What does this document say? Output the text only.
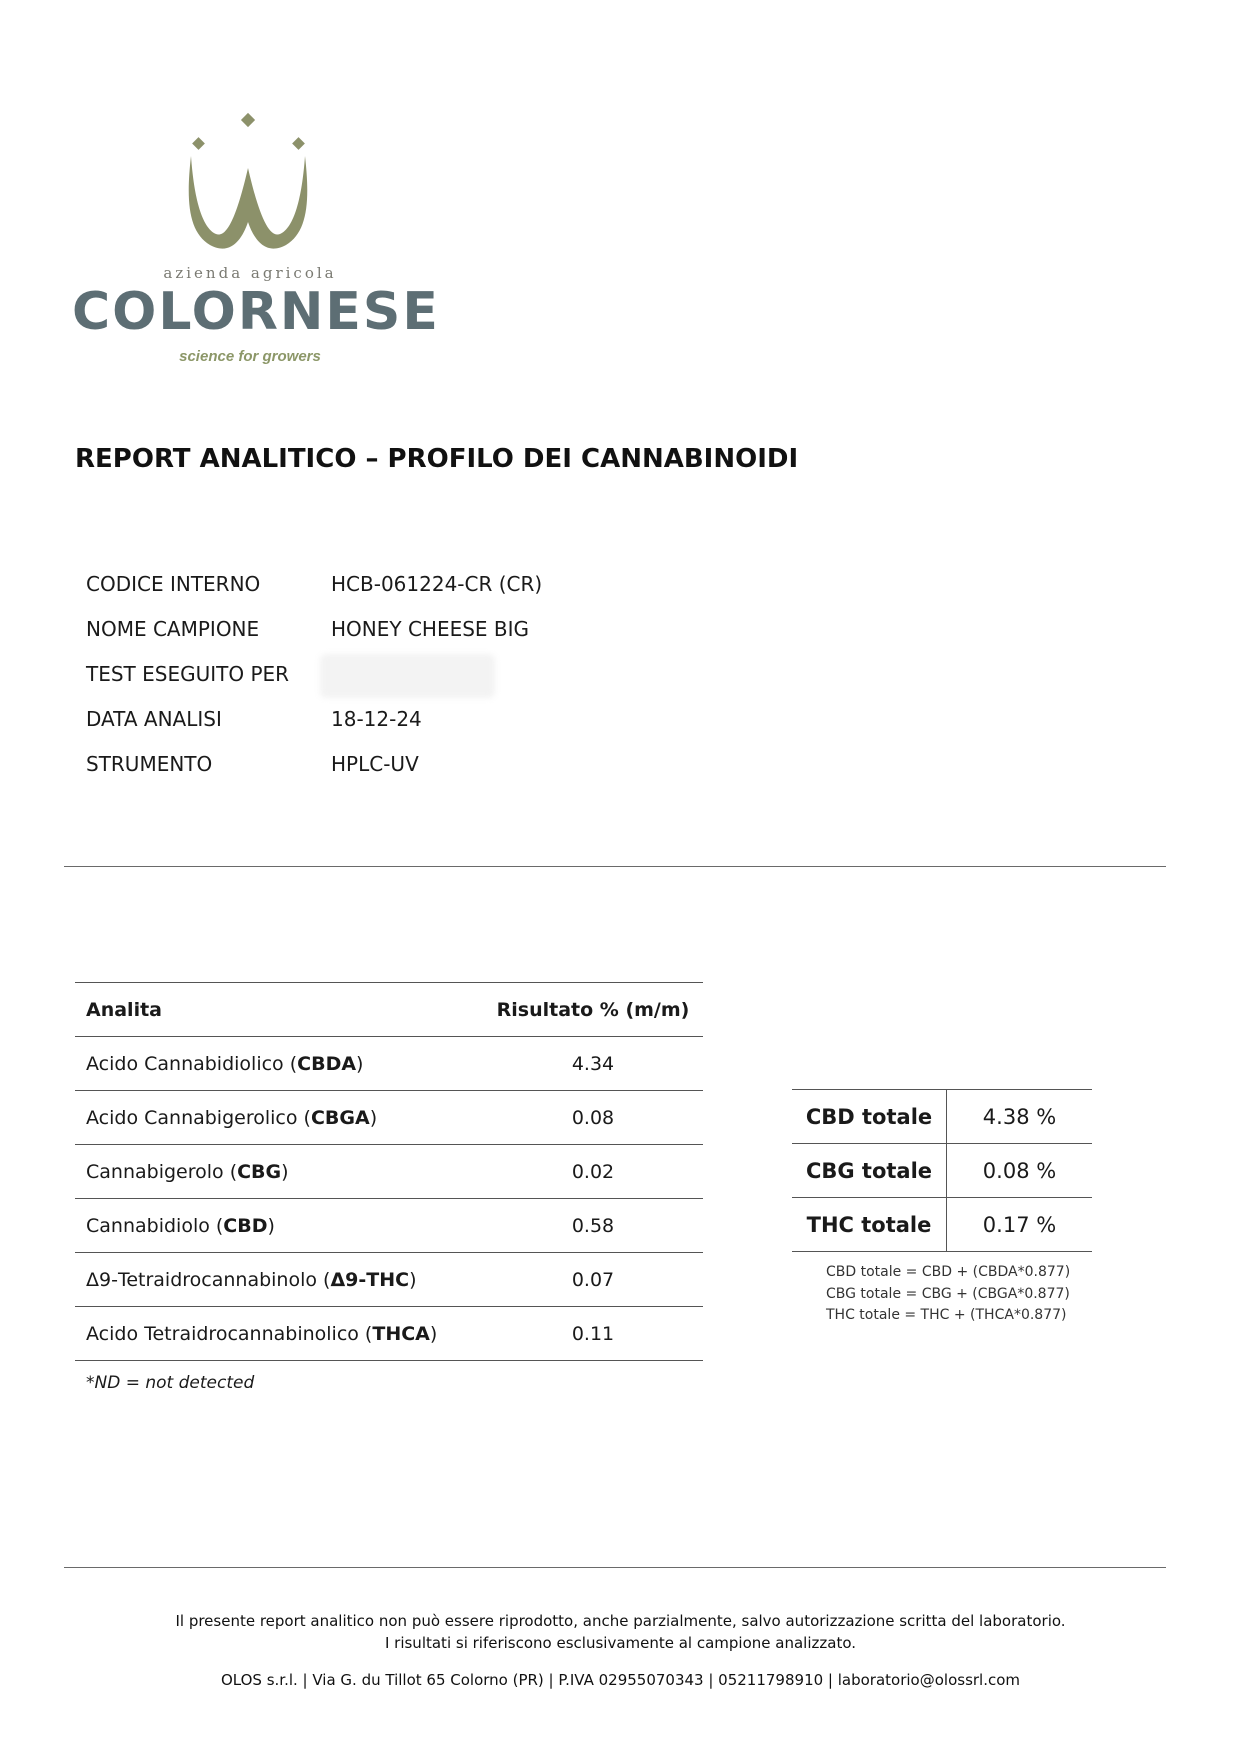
azienda agricola
COLORNESE
science for growers
REPORT ANALITICO – PROFILO DEI CANNABINOIDI
CODICE INTERNO	HCB-061224-CR (CR)
NOME CAMPIONE	HONEY CHEESE BIG
TEST ESEGUITO PER
DATA ANALISI	18-12-24
STRUMENTO	HPLC-UV
Analita	Risultato % (m/m)
Acido Cannabidiolico (CBDA)	4.34
Acido Cannabigerolico (CBGA)	0.08
Cannabigerolo (CBG)	0.02
Cannabidiolo (CBD)	0.58
Δ9-Tetraidrocannabinolo (Δ9-THC)	0.07
Acido Tetraidrocannabinolico (THCA)	0.11
*ND = not detected
CBD totale	4.38 %
CBG totale	0.08 %
THC totale	0.17 %
CBD totale = CBD + (CBDA*0.877)
CBG totale = CBG + (CBGA*0.877)
THC totale = THC + (THCA*0.877)
Il presente report analitico non può essere riprodotto, anche parzialmente, salvo autorizzazione scritta del laboratorio.
I risultati si riferiscono esclusivamente al campione analizzato.
OLOS s.r.l. | Via G. du Tillot 65 Colorno (PR) | P.IVA 02955070343 | 05211798910 | laboratorio@olossrl.com
